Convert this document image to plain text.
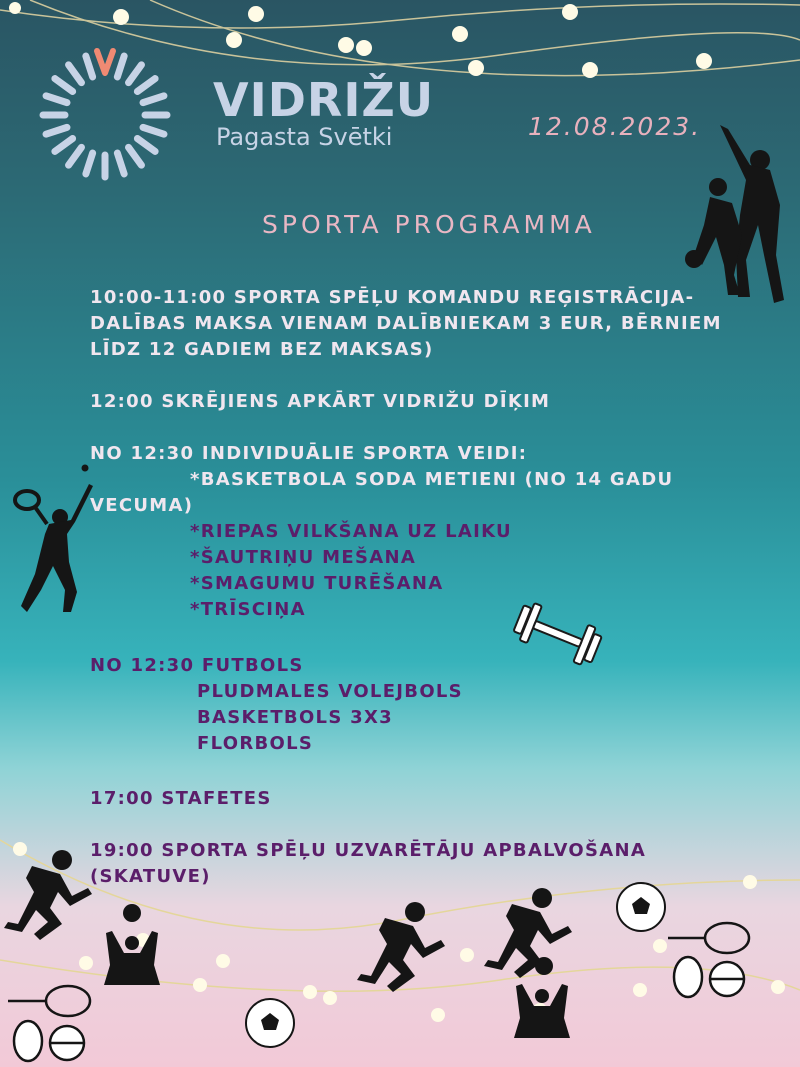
VIDRIŽU
Pagasta Svētki	12.08.2023.
SPORTA PROGRAMMA
10:00-11:00 SPORTA SPĒĻU KOMANDU REĢISTRĀCIJA-
DALĪBAS MAKSA VIENAM DALĪBNIEKAM 3 EUR, BĒRNIEM
LĪDZ 12 GADIEM BEZ MAKSAS)
12:00 SKRĒJIENS APKĀRT VIDRIŽU DĪĶIM
NO 12:30 INDIVIDUĀLIE SPORTA VEIDI:
*BASKETBOLA SODA METIENI (NO 14 GADU
VECUMA)
*RIEPAS VILKŠANA UZ LAIKU
*ŠAUTRIŅU MEŠANA
*SMAGUMU TURĒŠANA
*TRĪSCIŅA
NO 12:30 FUTBOLS
PLUDMALES VOLEJBOLS
BASKETBOLS 3X3
FLORBOLS
17:00 STAFETES
19:00 SPORTA SPĒĻU UZVARĒTĀJU APBALVOŠANA
(SKATUVE)
